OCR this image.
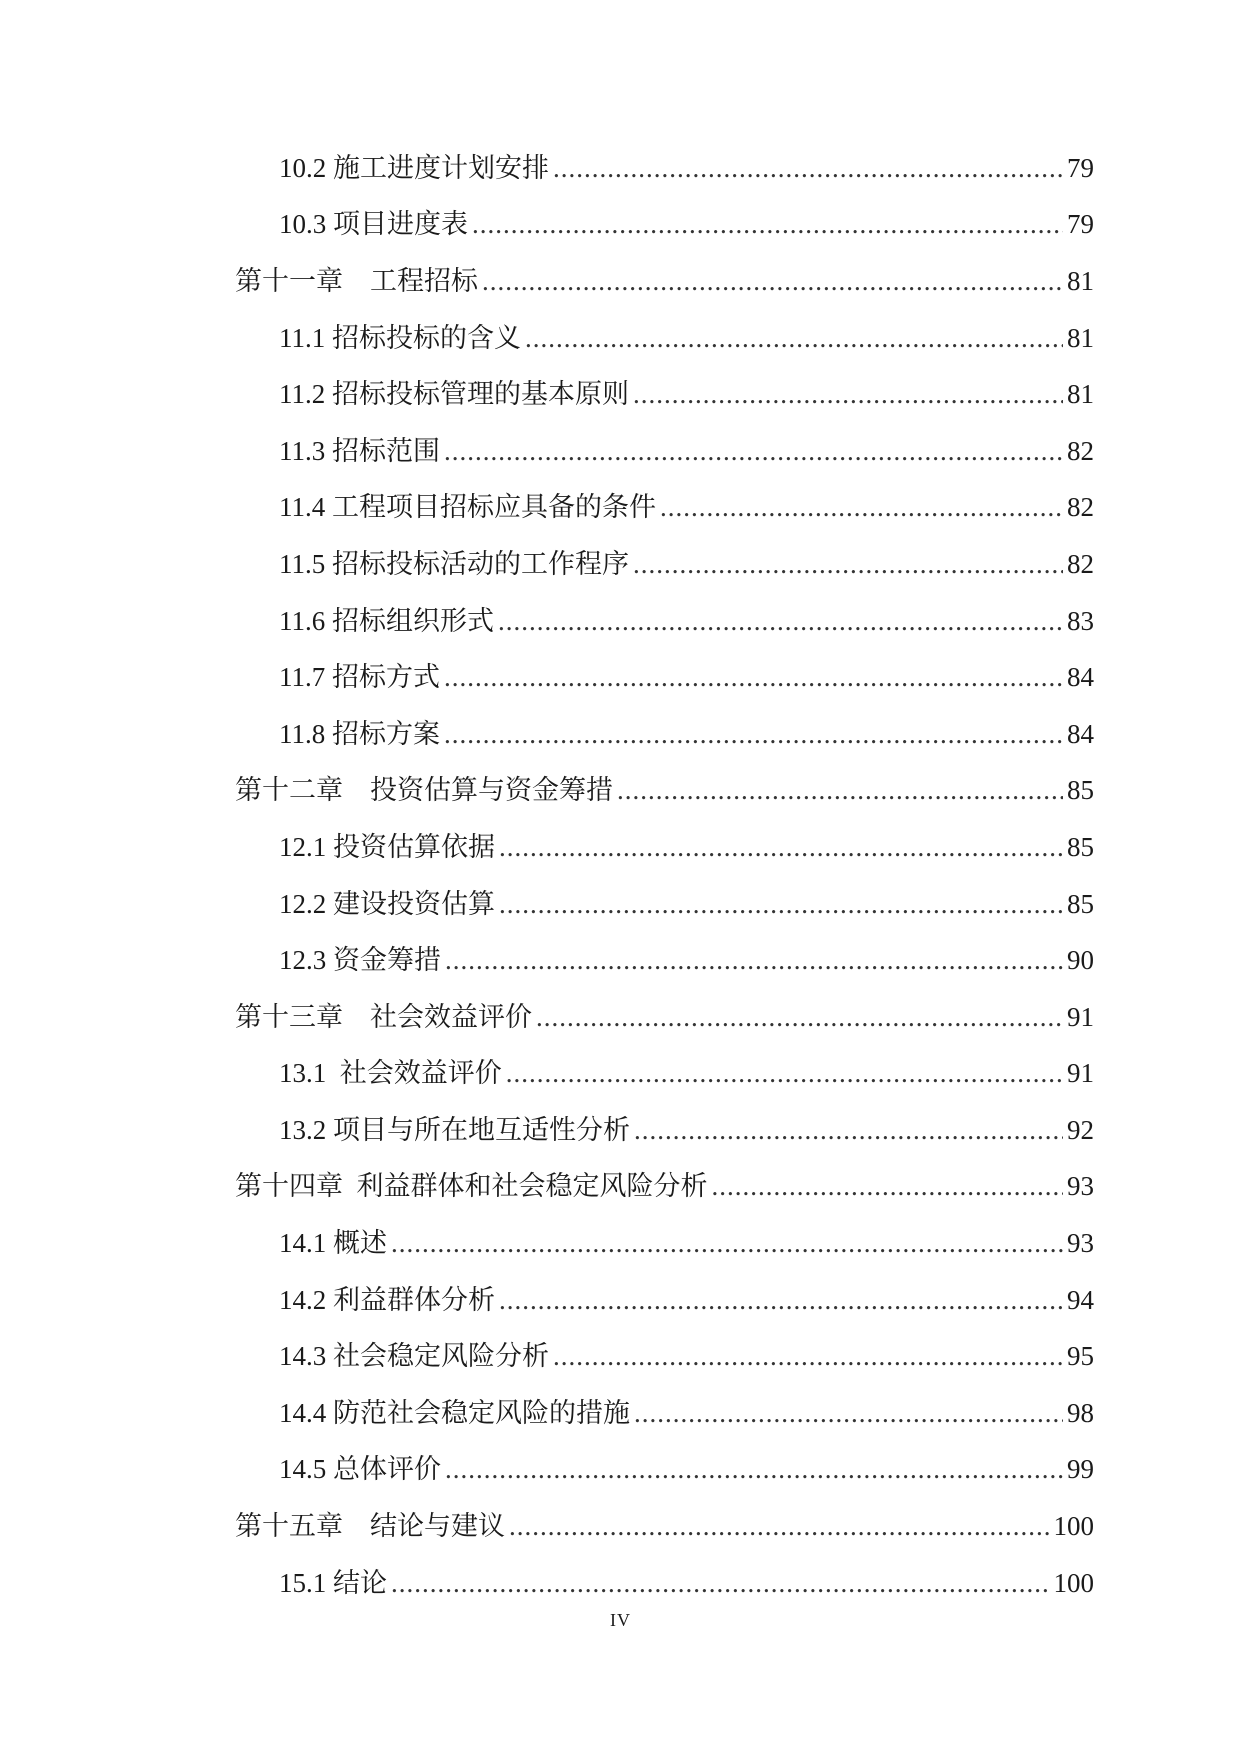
10.2 施工进度计划安排 .....	79
10.3 项目进度表 .....	79
第十一章　工程招标 .....	81
11.1 招标投标的含义 .....	81
11.2 招标投标管理的基本原则 .....	81
11.3 招标范围 .....	82
11.4 工程项目招标应具备的条件 .....	82
11.5 招标投标活动的工作程序 .....	82
11.6 招标组织形式 .....	83
11.7 招标方式 .....	84
11.8 招标方案 .....	84
第十二章　投资估算与资金筹措 .....	85
12.1 投资估算依据 .....	85
12.2 建设投资估算 .....	85
12.3 资金筹措 .....	90
第十三章　社会效益评价 .....	91
13.1  社会效益评价 .....	91
13.2 项目与所在地互适性分析 .....	92
第十四章  利益群体和社会稳定风险分析 .....	93
14.1 概述 .....	93
14.2 利益群体分析 .....	94
14.3 社会稳定风险分析 .....	95
14.4 防范社会稳定风险的措施 .....	98
14.5 总体评价 .....	99
第十五章　结论与建议 .....	100
15.1 结论 .....	100
IV
